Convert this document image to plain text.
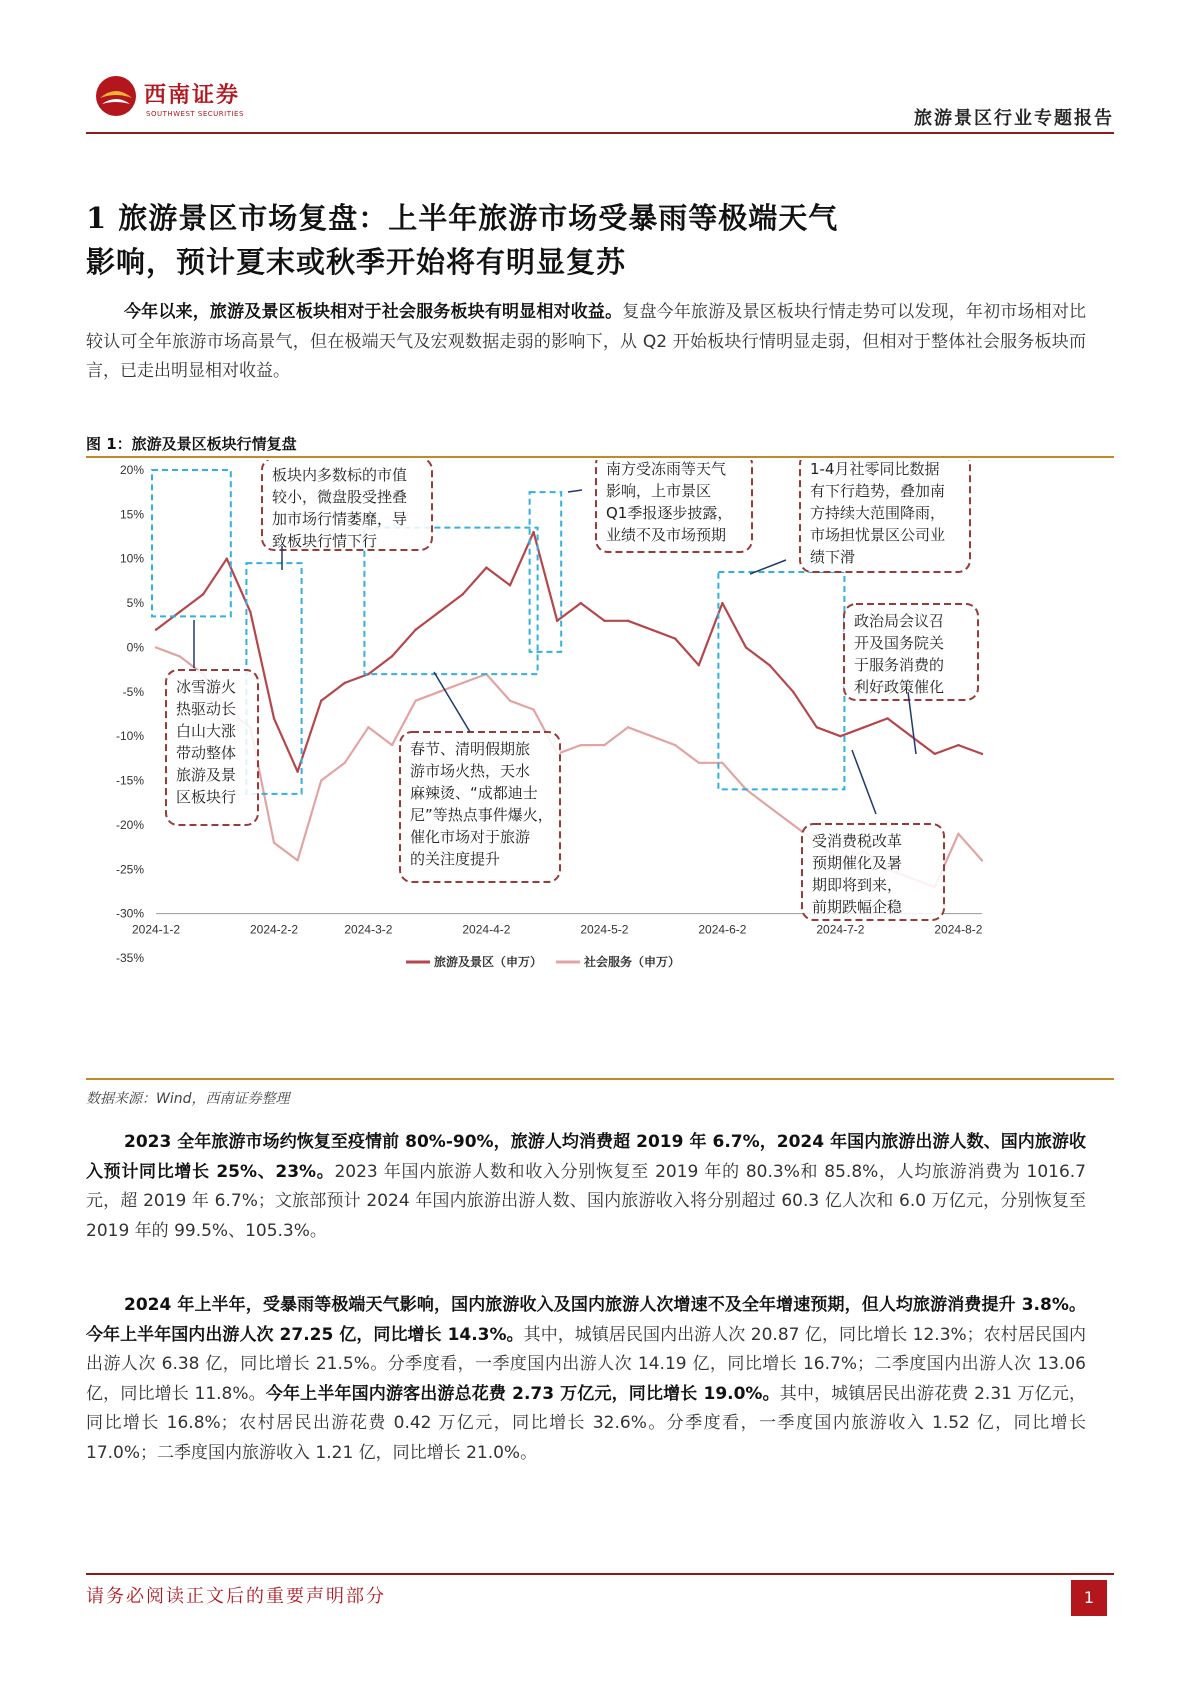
西南证券
SOUTHWEST SECURITIES	旅游景区行业专题报告
1 旅游景区市场复盘：上半年旅游市场受暴雨等极端天气
影响，预计夏末或秋季开始将有明显复苏
今年以来，旅游及景区板块相对于社会服务板块有明显相对收益。复盘今年旅游及景区板块行情走势可以发现，年初市场相对比较认可全年旅游市场高景气，但在极端天气及宏观数据走弱的影响下，从 Q2 开始板块行情明显走弱，但相对于整体社会服务板块而言，已走出明显相对收益。
图 1：旅游及景区板块行情复盘
20%
15%
10%
5%
0%
-5%
-10%
-15%
-20%
-25%
-30%
-35%
2024-1-2	2024-2-2	2024-3-2	2024-4-2	2024-5-2	2024-6-2	2024-7-2	2024-8-2
旅游及景区（申万）	社会服务（申万）
冰雪游火
热驱动长
白山大涨
带动整体
旅游及景
区板块行
板块内多数标的市值
较小，微盘股受挫叠
加市场行情萎靡，导
致板块行情下行
春节、清明假期旅
游市场火热，天水
麻辣烫、“成都迪士
尼”等热点事件爆火，
催化市场对于旅游
的关注度提升
南方受冻雨等天气
影响，上市景区
Q1季报逐步披露，
业绩不及市场预期
1-4月社零同比数据
有下行趋势，叠加南
方持续大范围降雨，
市场担忧景区公司业
绩下滑
政治局会议召
开及国务院关
于服务消费的
利好政策催化
受消费税改革
预期催化及暑
期即将到来，
前期跌幅企稳
数据来源：Wind，西南证券整理
2023 全年旅游市场约恢复至疫情前 80%-90%，旅游人均消费超 2019 年 6.7%，2024 年国内旅游出游人数、国内旅游收入预计同比增长 25%、23%。2023 年国内旅游人数和收入分别恢复至 2019 年的 80.3%和 85.8%，人均旅游消费为 1016.7 元，超 2019 年 6.7%；文旅部预计 2024 年国内旅游出游人数、国内旅游收入将分别超过 60.3 亿人次和 6.0 万亿元，分别恢复至 2019 年的 99.5%、105.3%。
2024 年上半年，受暴雨等极端天气影响，国内旅游收入及国内旅游人次增速不及全年增速预期，但人均旅游消费提升 3.8%。今年上半年国内出游人次 27.25 亿，同比增长 14.3%。其中，城镇居民国内出游人次 20.87 亿，同比增长 12.3%；农村居民国内出游人次 6.38 亿，同比增长 21.5%。分季度看，一季度国内出游人次 14.19 亿，同比增长 16.7%；二季度国内出游人次 13.06 亿，同比增长 11.8%。今年上半年国内游客出游总花费 2.73 万亿元，同比增长 19.0%。其中，城镇居民出游花费 2.31 万亿元，同比增长 16.8%；农村居民出游花费 0.42 万亿元，同比增长 32.6%。分季度看，一季度国内旅游收入 1.52 亿，同比增长 17.0%；二季度国内旅游收入 1.21 亿，同比增长 21.0%。
请务必阅读正文后的重要声明部分	1
